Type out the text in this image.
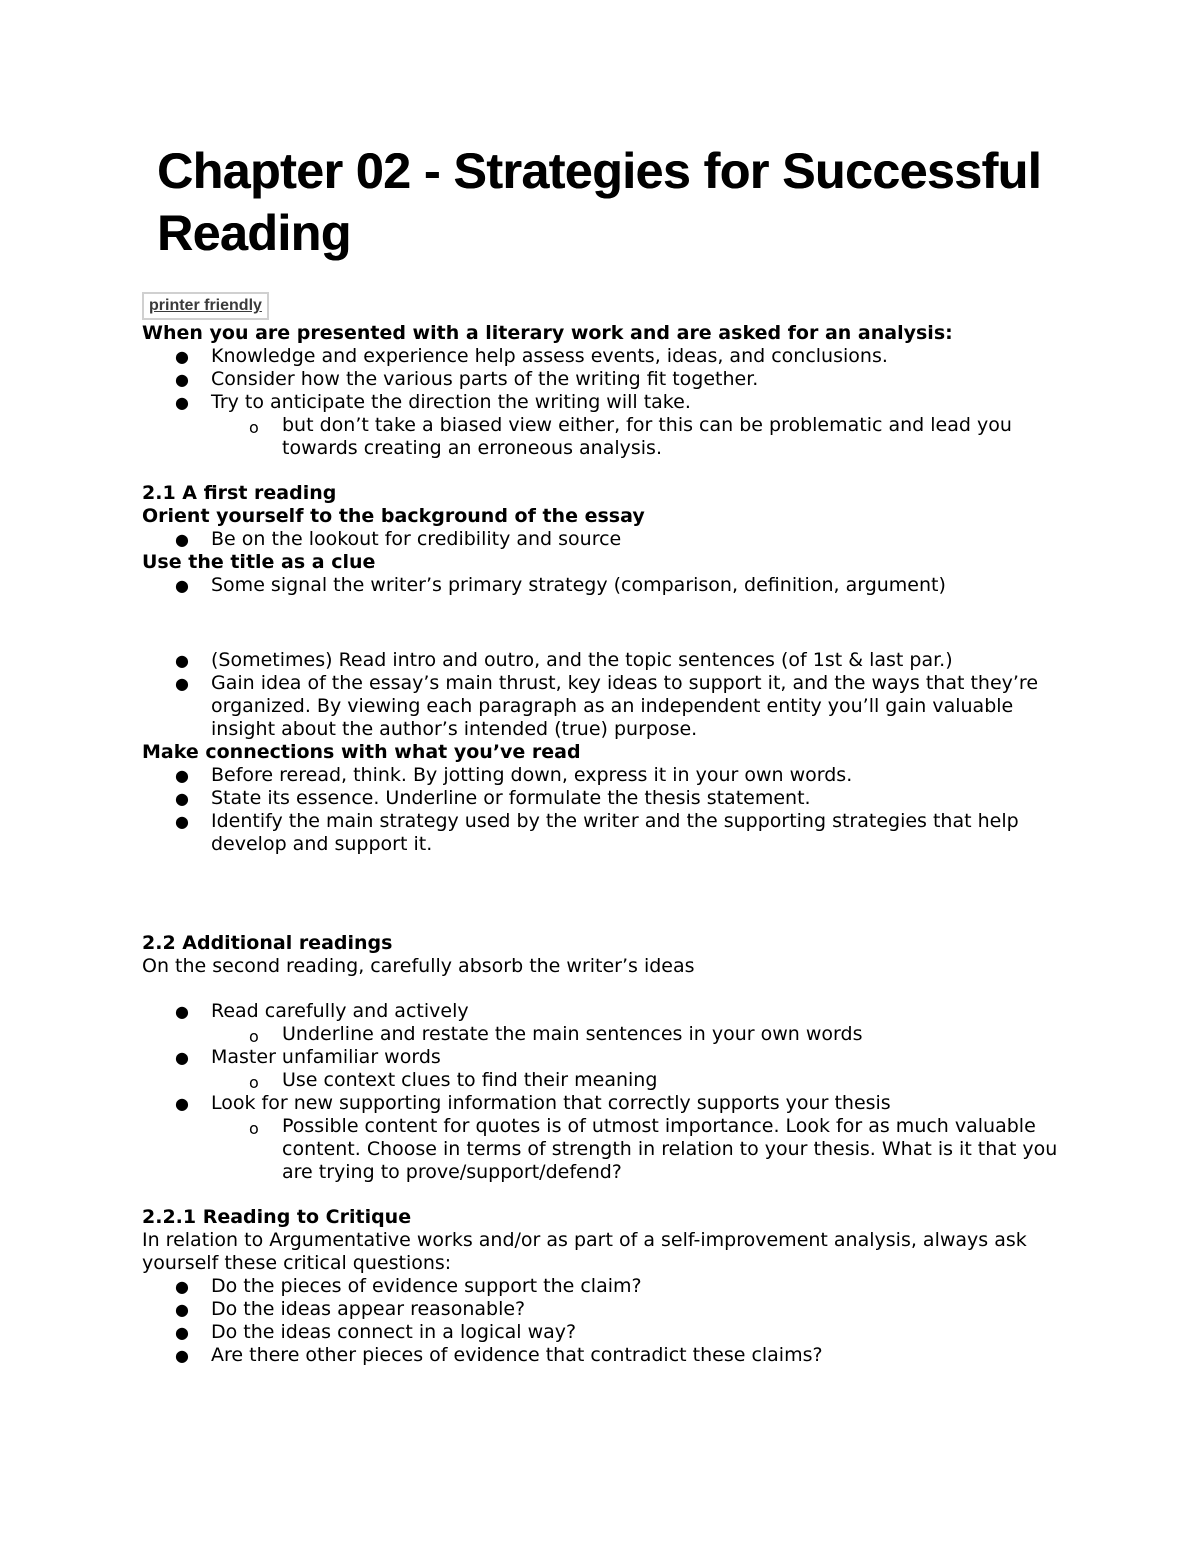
Chapter 02 - Strategies for Successful Reading
printer friendly

When you are presented with a literary work and are asked for an analysis:

● Knowledge and experience help assess events, ideas, and conclusions.
● Consider how the various parts of the writing fit together.
● Try to anticipate the direction the writing will take.
o but don’t take a biased view either, for this can be problematic and lead you towards creating an erroneous analysis.

2.1 A first reading

Orient yourself to the background of the essay

● Be on the lookout for credibility and source

Use the title as a clue

● Some signal the writer’s primary strategy (comparison, definition, argument)
● (Sometimes) Read intro and outro, and the topic sentences (of 1st & last par.)
● Gain idea of the essay’s main thrust, key ideas to support it, and the ways that they’re organized. By viewing each paragraph as an independent entity you’ll gain valuable insight about the author’s intended (true) purpose.

Make connections with what you’ve read

● Before reread, think. By jotting down, express it in your own words.
● State its essence. Underline or formulate the thesis statement.
● Identify the main strategy used by the writer and the supporting strategies that help develop and support it.

2.2 Additional readings

On the second reading, carefully absorb the writer’s ideas

● Read carefully and actively
o Underline and restate the main sentences in your own words
● Master unfamiliar words
o Use context clues to find their meaning
● Look for new supporting information that correctly supports your thesis
o Possible content for quotes is of utmost importance. Look for as much valuable content. Choose in terms of strength in relation to your thesis. What is it that you are trying to prove/support/defend?

2.2.1 Reading to Critique

In relation to Argumentative works and/or as part of a self-improvement analysis, always ask yourself these critical questions:

● Do the pieces of evidence support the claim?
● Do the ideas appear reasonable?
● Do the ideas connect in a logical way?
● Are there other pieces of evidence that contradict these claims?
